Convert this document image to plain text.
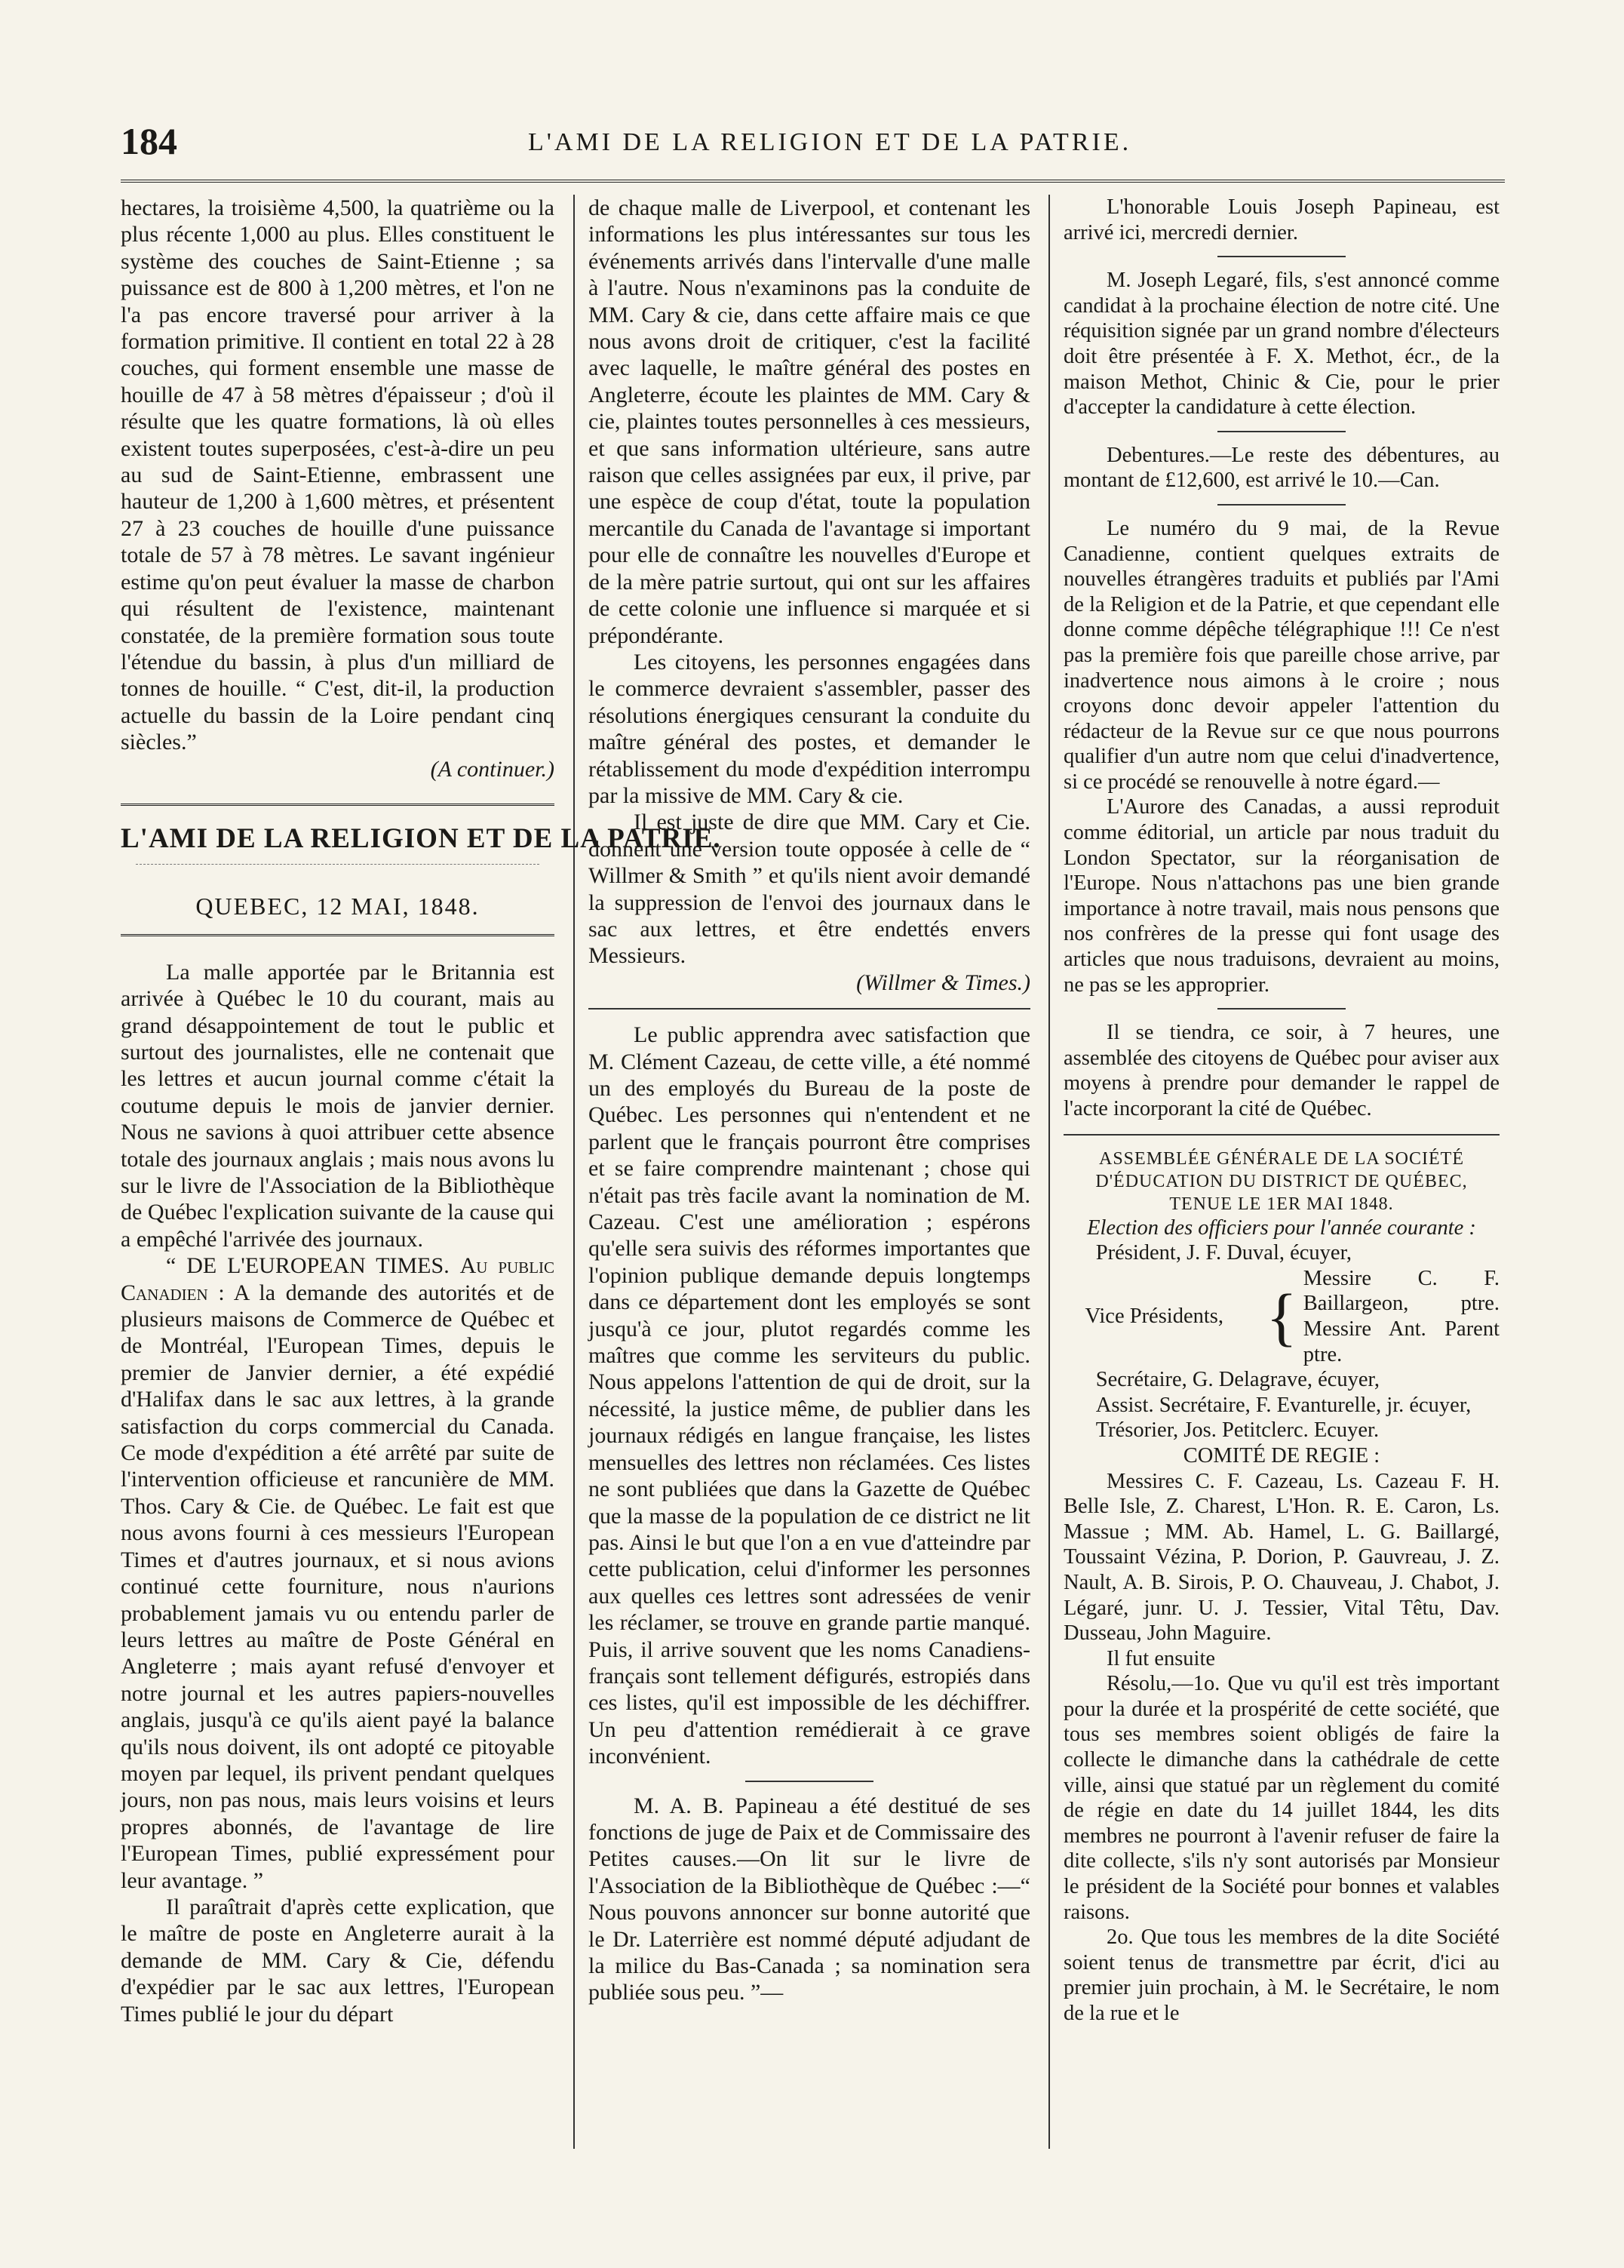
184	L'AMI DE LA RELIGION ET DE LA PATRIE.

hectares, la troisième 4,500, la quatrième ou la plus récente 1,000 au plus. Elles constituent le système des couches de Saint-Etienne ; sa puissance est de 800 à 1,200 mètres, et l'on ne l'a pas encore traversé pour arriver à la formation primitive. Il contient en total 22 à 28 couches, qui forment ensemble une masse de houille de 47 à 58 mètres d'épaisseur ; d'où il résulte que les quatre formations, là où elles existent toutes superposées, c'est-à-dire un peu au sud de Saint-Etienne, embrassent une hauteur de 1,200 à 1,600 mètres, et présentent 27 à 23 couches de houille d'une puissance totale de 57 à 78 mètres. Le savant ingénieur estime qu'on peut évaluer la masse de charbon qui résultent de l'existence, maintenant constatée, de la première formation sous toute l'étendue du bassin, à plus d'un milliard de tonnes de houille. “ C'est, dit-il, la production actuelle du bassin de la Loire pendant cinq siècles.”

(A continuer.)

L'AMI DE LA RELIGION ET DE LA PATRIE.
QUEBEC, 12 MAI, 1848.

La malle apportée par le Britannia est arrivée à Québec le 10 du courant, mais au grand désappointement de tout le public et surtout des journalistes, elle ne contenait que les lettres et aucun journal comme c'était la coutume depuis le mois de janvier dernier. Nous ne savions à quoi attribuer cette absence totale des journaux anglais ; mais nous avons lu sur le livre de l'Association de la Bibliothèque de Québec l'explication suivante de la cause qui a empêché l'arrivée des journaux.

“ DE L'EUROPEAN TIMES. Au public Canadien : A la demande des autorités et de plusieurs maisons de Commerce de Québec et de Montréal, l'European Times, depuis le premier de Janvier dernier, a été expédié d'Halifax dans le sac aux lettres, à la grande satisfaction du corps commercial du Canada. Ce mode d'expédition a été arrêté par suite de l'intervention officieuse et rancunière de MM. Thos. Cary & Cie. de Québec. Le fait est que nous avons fourni à ces messieurs l'European Times et d'autres journaux, et si nous avions continué cette fourniture, nous n'aurions probablement jamais vu ou entendu parler de leurs lettres au maître de Poste Général en Angleterre ; mais ayant refusé d'envoyer et notre journal et les autres papiers-nouvelles anglais, jusqu'à ce qu'ils aient payé la balance qu'ils nous doivent, ils ont adopté ce pitoyable moyen par lequel, ils privent pendant quelques jours, non pas nous, mais leurs voisins et leurs propres abonnés, de l'avantage de lire l'European Times, publié expressément pour leur avantage. ”

Il paraîtrait d'après cette explication, que le maître de poste en Angleterre aurait à la demande de MM. Cary & Cie, défendu d'expédier par le sac aux lettres, l'European Times publié le jour du départ

de chaque malle de Liverpool, et contenant les informations les plus intéressantes sur tous les événements arrivés dans l'intervalle d'une malle à l'autre. Nous n'examinons pas la conduite de MM. Cary & cie, dans cette affaire mais ce que nous avons droit de critiquer, c'est la facilité avec laquelle, le maître général des postes en Angleterre, écoute les plaintes de MM. Cary & cie, plaintes toutes personnelles à ces messieurs, et que sans information ultérieure, sans autre raison que celles assignées par eux, il prive, par une espèce de coup d'état, toute la population mercantile du Canada de l'avantage si important pour elle de connaître les nouvelles d'Europe et de la mère patrie surtout, qui ont sur les affaires de cette colonie une influence si marquée et si prépondérante.

Les citoyens, les personnes engagées dans le commerce devraient s'assembler, passer des résolutions énergiques censurant la conduite du maître général des postes, et demander le rétablissement du mode d'expédition interrompu par la missive de MM. Cary & cie.

Il est juste de dire que MM. Cary et Cie. donnent une version toute opposée à celle de “ Willmer & Smith ” et qu'ils nient avoir demandé la suppression de l'envoi des journaux dans le sac aux lettres, et être endettés envers Messieurs.

(Willmer & Times.)

Le public apprendra avec satisfaction que M. Clément Cazeau, de cette ville, a été nommé un des employés du Bureau de la poste de Québec. Les personnes qui n'entendent et ne parlent que le français pourront être comprises et se faire comprendre maintenant ; chose qui n'était pas très facile avant la nomination de M. Cazeau. C'est une amélioration ; espérons qu'elle sera suivis des réformes importantes que l'opinion publique demande depuis longtemps dans ce département dont les employés se sont jusqu'à ce jour, plutot regardés comme les maîtres que comme les serviteurs du public. Nous appelons l'attention de qui de droit, sur la nécessité, la justice même, de publier dans les journaux rédigés en langue française, les listes mensuelles des lettres non réclamées. Ces listes ne sont publiées que dans la Gazette de Québec que la masse de la population de ce district ne lit pas. Ainsi le but que l'on a en vue d'atteindre par cette publication, celui d'informer les personnes aux quelles ces lettres sont adressées de venir les réclamer, se trouve en grande partie manqué. Puis, il arrive souvent que les noms Canadiens-français sont tellement défigurés, estropiés dans ces listes, qu'il est impossible de les déchiffrer. Un peu d'attention remédierait à ce grave inconvénient.

M. A. B. Papineau a été destitué de ses fonctions de juge de Paix et de Commissaire des Petites causes.—On lit sur le livre de l'Association de la Bibliothèque de Québec :—“ Nous pouvons annoncer sur bonne autorité que le Dr. Laterrière est nommé député adjudant de la milice du Bas-Canada ; sa nomination sera publiée sous peu. ”—

L'honorable Louis Joseph Papineau, est arrivé ici, mercredi dernier.

M. Joseph Legaré, fils, s'est annoncé comme candidat à la prochaine élection de notre cité. Une réquisition signée par un grand nombre d'électeurs doit être présentée à F. X. Methot, écr., de la maison Methot, Chinic & Cie, pour le prier d'accepter la candidature à cette élection.

Debentures.—Le reste des débentures, au montant de £12,600, est arrivé le 10.—Can.

Le numéro du 9 mai, de la Revue Canadienne, contient quelques extraits de nouvelles étrangères traduits et publiés par l'Ami de la Religion et de la Patrie, et que cependant elle donne comme dépêche télégraphique !!! Ce n'est pas la première fois que pareille chose arrive, par inadvertence nous aimons à le croire ; nous croyons donc devoir appeler l'attention du rédacteur de la Revue sur ce que nous pourrons qualifier d'un autre nom que celui d'inadvertence, si ce procédé se renouvelle à notre égard.—

L'Aurore des Canadas, a aussi reproduit comme éditorial, un article par nous traduit du London Spectator, sur la réorganisation de l'Europe. Nous n'attachons pas une bien grande importance à notre travail, mais nous pensons que nos confrères de la presse qui font usage des articles que nous traduisons, devraient au moins, ne pas se les approprier.

Il se tiendra, ce soir, à 7 heures, une assemblée des citoyens de Québec pour aviser aux moyens à prendre pour demander le rappel de l'acte incorporant la cité de Québec.

ASSEMBLÉE GÉNÉRALE DE LA SOCIÉTÉ D'ÉDUCATION DU DISTRICT DE QUÉBEC, TENUE LE 1ER MAI 1848.

Election des officiers pour l'année courante :

Président, J. F. Duval, écuyer,

Vice Présidents, {
Messire C. F. Baillargeon, ptre. Messire Ant. Parent ptre.

Secrétaire, G. Delagrave, écuyer,

Assist. Secrétaire, F. Evanturelle, jr. écuyer,

Trésorier, Jos. Petitclerc. Ecuyer.

COMITÉ DE REGIE :

Messires C. F. Cazeau, Ls. Cazeau F. H. Belle Isle, Z. Charest, L'Hon. R. E. Caron, Ls. Massue ; MM. Ab. Hamel, L. G. Baillargé, Toussaint Vézina, P. Dorion, P. Gauvreau, J. Z. Nault, A. B. Sirois, P. O. Chauveau, J. Chabot, J. Légaré, junr. U. J. Tessier, Vital Têtu, Dav. Dusseau, John Maguire.

Il fut ensuite

Résolu,—1o. Que vu qu'il est très important pour la durée et la prospérité de cette société, que tous ses membres soient obligés de faire la collecte le dimanche dans la cathédrale de cette ville, ainsi que statué par un règlement du comité de régie en date du 14 juillet 1844, les dits membres ne pourront à l'avenir refuser de faire la dite collecte, s'ils n'y sont autorisés par Monsieur le président de la Société pour bonnes et valables raisons.

2o. Que tous les membres de la dite Société soient tenus de transmettre par écrit, d'ici au premier juin prochain, à M. le Secrétaire, le nom de la rue et le
